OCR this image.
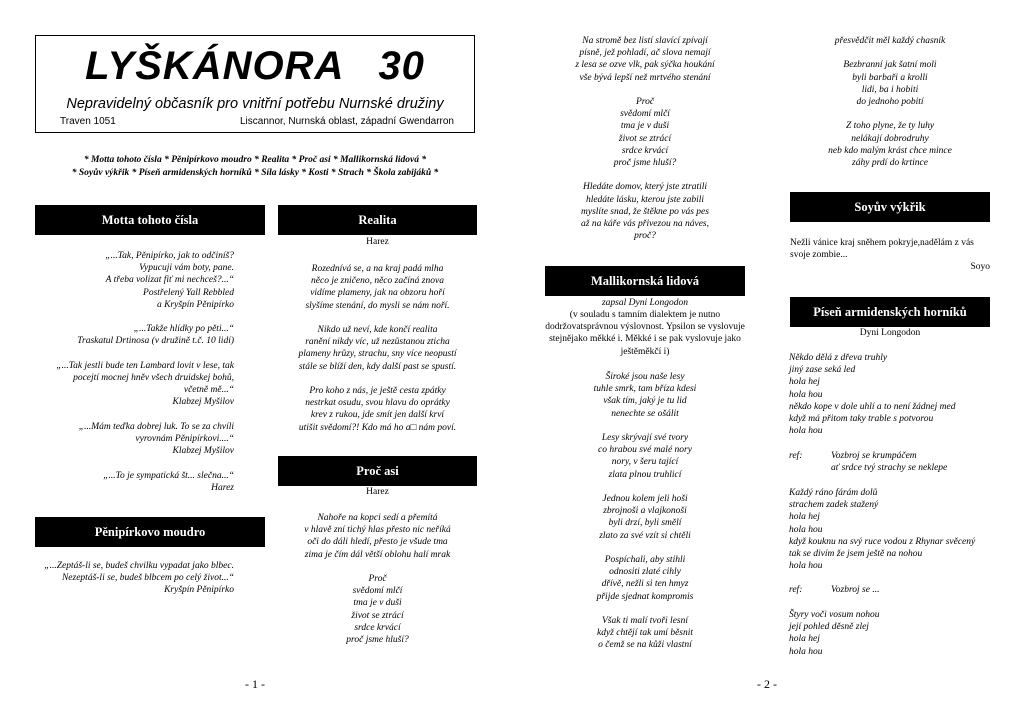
LYŠKÁNORA 30
Nepravidelný občasník pro vnitřní potřebu Nurnské družiny
Traven 1051	Liscannor, Nurnská oblast, západní Gwendarron
* Motta tohoto čísla * Pěnipírkovo moudro * Realita * Proč asi * Mallikornská lidová *
* Soyův výkřik * Píseň armidenských horníků * Síla lásky * Kosti * Strach * Škola zabijáků *
Motta tohoto čísla
„...Tak, Pěnipírko, jak to odčiníš?
Vypucuji vám boty, pane.
A třeba volizat fiť mi nechceš?...“
Postřelený Yall Rebbled
a Kryšpín Pěnipírko

„...Takže hlídky po pěti...“
Traskatul Drtinosa (v družině t.č. 10 lidí)

„...Tak jestli bude ten Lambard lovit v lese, tak
pocejtí mocnej hněv všech druidskej bohů,
včetně mě...“
Klabzej Myšilov

„...Mám teďka dobrej luk. To se za chvíli
vyrovnám Pěnipírkovi....“
Klabzej Myšilov

„...To je sympatická št... slečna...“
Harez
Pěnipírkovo moudro
„...Zeptáš-li se, budeš chvilku vypadat jako blbec.
Nezeptáš-li se, budeš blbcem po celý život...“
Kryšpín Pěnipírko
Realita
Harez
Rozednívá se, a na kraj padá mlha
něco je zničeno, něco začíná znova
vidíme plameny, jak na obzoru hoří
slyšíme stenání, do mysli se nám noří.

Nikdo už neví, kde končí realita
ranění nikdy víc, už nezůstanou zticha
plameny hrůzy, strachu, sny více neopustí
stále se blíží den, kdy další past se spustí.

Pro koho z nás, je ještě cesta zpátky
nestrkat osudu, svou hlavu do oprátky
krev z rukou, jde smít jen další krví
utišit svědomí?! Kdo má ho a□ nám poví.
Proč asi
Harez
Nahoře na kopci sedí a přemítá
v hlavě zní tichý hlas přesto nic neříká
oči do dáli hledí, přesto je všude tma
zima je čím dál větší oblohu halí mrak

Proč
svědomí mlčí
tma je v duši
život se ztrácí
srdce krvácí
proč jsme hluší?
- 1 -
Na stromě bez listí slavící zpívají
písně, jež pohladí, ač slova nemají
z lesa se ozve vlk, pak sýčka houkání
vše bývá lepší než mrtvého stenání

Proč
svědomí mlčí
tma je v duši
život se ztrácí
srdce krvácí
proč jsme hluší?

Hledáte domov, který jste ztratili
hledáte lásku, kterou jste zabili
myslíte snad, že štěkne po vás pes
až na káře vás přivezou na náves,
proč?
Mallikornská lidová
zapsal Dyni Longodon
(v souladu s tamním dialektem je nutno dodržovatsprávnou výslovnost. Ypsilon se vyslovuje stejnějako měkké i. Měkké i se pak vyslovuje jako ještěměkčí i)
Široké jsou naše lesy
tuhle smrk, tam bříza kdesi
však tím, jaký je tu lid
nenechte se ošálit

Lesy skrývají své tvory
co hrabou své malé nory
nory, v šeru tající
zlata plnou truhlicí

Jednou kolem jeli hoši
zbrojnoši a vlajkonoši
byli drzí, byli smělí
zlato za své vzít si chtěli

Pospíchali, aby stihli
odnositi zlaté cihly
dřívě, nežli si ten hmyz
přijde sjednat kompromis

Však ti malí tvoři lesní
když chtějí tak umí běsnit
o čemž se na kůži vlastní
přesvědčit měl každý chasník

Bezbranní jak šatní moli
byli barbaři a krolli
lidi, ba i hobiti
do jednoho pobití

Z toho plyne, že ty luhy
nelákají dobrodruhy
neb kdo malým krást chce mince
záhy prdí do krtince
Soyův výkřik
Nežli vánice kraj sněhem pokryje,nadělám z vás svoje zombie...
Soyo
Píseň armidenských horníků
Dyni Longodon
Někdo dělá z dřeva truhly
jiný zase seká led
hola hej
hola hou
někdo kope v dole uhlí a to není žádnej med
když má přitom taky trable s potvorou
hola hou
ref:	Vozbroj se krumpáčem
ať srdce tvý strachy se neklepe
Každý ráno fárám dolů
strachem zadek stažený
hola hej
hola hou
když kouknu na svý ruce vodou z Rhynar svěcený
tak se divím že jsem ještě na nohou
hola hou
ref:	Vozbroj se ...
Štyry voči vosum nohou
její pohled děsně zlej
hola hej
hola hou
- 2 -
